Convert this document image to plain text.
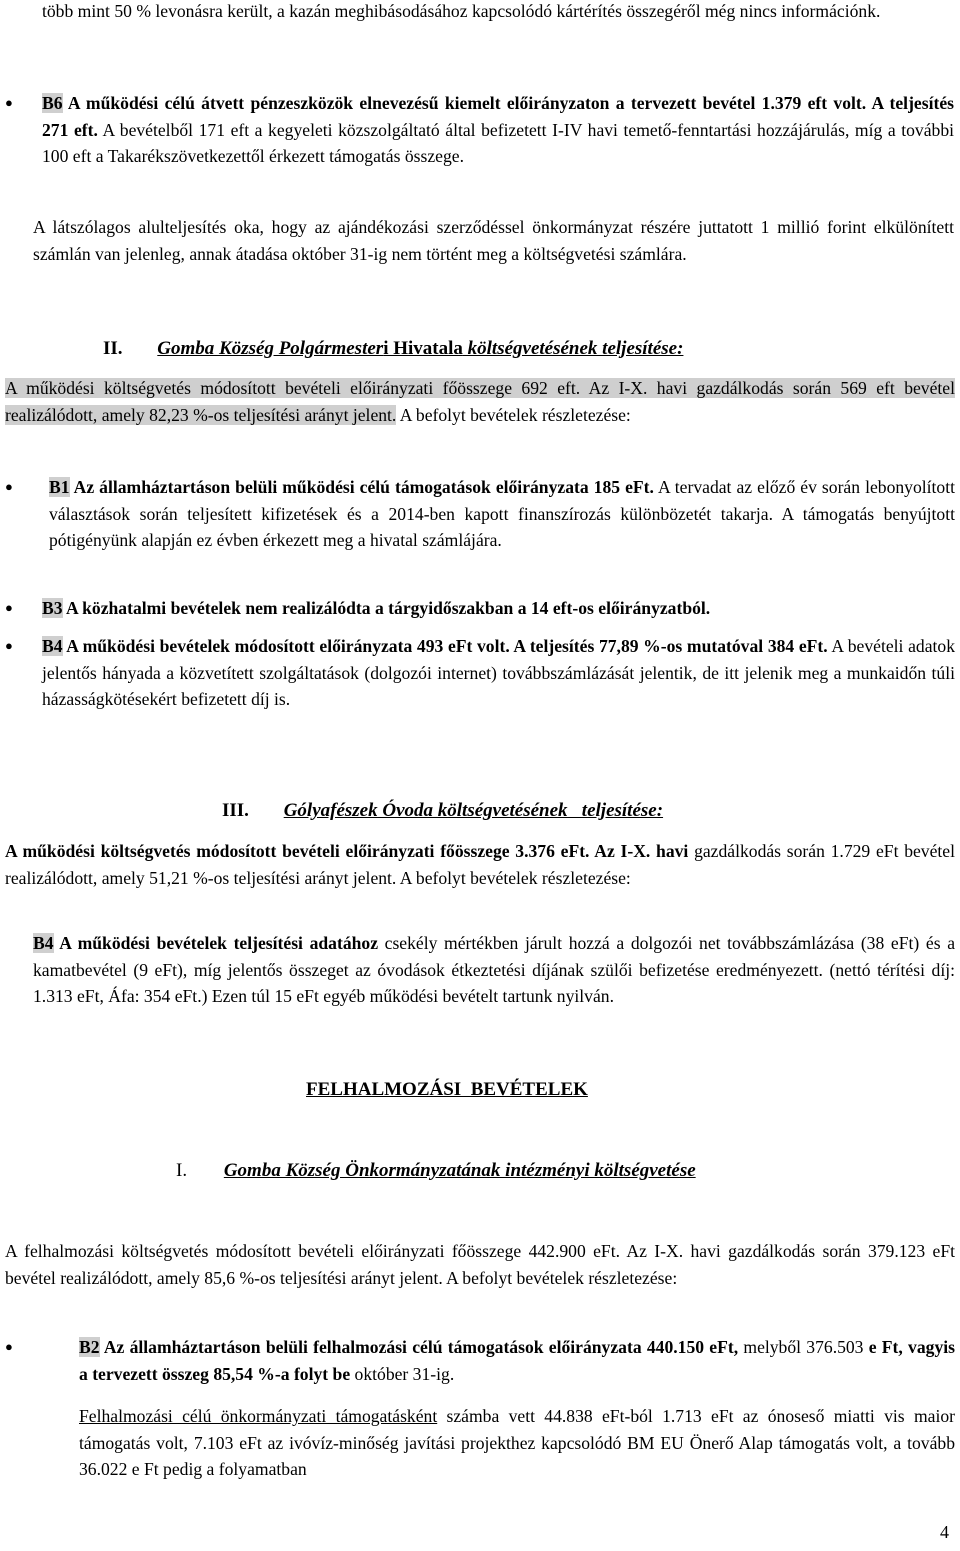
több mint 50 % levonásra került, a kazán meghibásodásához kapcsolódó kártérítés összegéről még nincs információnk.

● B6 A működési célú átvett pénzeszközök elnevezésű kiemelt előirányzaton a tervezett bevétel 1.379 eft volt. A teljesítés 271 eft. A bevételből 171 eft a kegyeleti közszolgáltató által befizetett I-IV havi temető-fenntartási hozzájárulás, míg a további 100 eft a Takarékszövetkezettől érkezett támogatás összege.

A látszólagos alulteljesítés oka, hogy az ajándékozási szerződéssel önkormányzat részére juttatott 1 millió forint elkülönített számlán van jelenleg, annak átadása október 31-ig nem történt meg a költségvetési számlára.

II. Gomba Község Polgármesteri Hivatala költségvetésének teljesítése:

A működési költségvetés módosított bevételi előirányzati főösszege 692 eft. Az I-X. havi gazdálkodás során 569 eft bevétel realizálódott, amely 82,23 %-os teljesítési arányt jelent. A befolyt bevételek részletezése:

● B1 Az államháztartáson belüli működési célú támogatások előirányzata 185 eFt. A tervadat az előző év során lebonyolított választások során teljesített kifizetések és a 2014-ben kapott finanszírozás különbözetét takarja. A támogatás benyújtott pótigényünk alapján ez évben érkezett meg a hivatal számlájára.

● B3 A közhatalmi bevételek nem realizálódta a tárgyidőszakban a 14 eft-os előirányzatból.

● B4 A működési bevételek módosított előirányzata 493 eFt volt. A teljesítés 77,89 %-os mutatóval 384 eFt. A bevételi adatok jelentős hányada a közvetített szolgáltatások (dolgozói internet) továbbszámlázását jelentik, de itt jelenik meg a munkaidőn túli házasságkötésekért befizetett díj is.

III. Gólyafészek Óvoda költségvetésének   teljesítése:

A működési költségvetés módosított bevételi előirányzati főösszege 3.376 eFt. Az I-X. havi gazdálkodás során 1.729 eFt bevétel realizálódott, amely 51,21 %-os teljesítési arányt jelent. A befolyt bevételek részletezése:

B4 A működési bevételek teljesítési adatához csekély mértékben járult hozzá a dolgozói net továbbszámlázása (38 eFt) és a kamatbevétel (9 eFt), míg jelentős összeget az óvodások étkeztetési díjának szülői befizetése eredményezett. (nettó térítési díj: 1.313 eFt, Áfa: 354 eFt.) Ezen túl 15 eFt egyéb működési bevételt tartunk nyilván.

FELHALMOZÁSI  BEVÉTELEK
I. Gomba Község Önkormányzatának intézményi költségvetése

A felhalmozási költségvetés módosított bevételi előirányzati főösszege 442.900 eFt. Az I-X. havi gazdálkodás során 379.123 eFt bevétel realizálódott, amely 85,6 %-os teljesítési arányt jelent. A befolyt bevételek részletezése:

●	B2 Az államháztartáson belüli felhalmozási célú támogatások előirányzata 440.150 eFt, melyből 376.503 e Ft, vagyis a tervezett összeg 85,54 %-a folyt be október 31-ig.

Felhalmozási célú önkormányzati támogatásként számba vett 44.838 eFt-ból 1.713 eFt az ónosеső miatti vis maior támogatás volt, 7.103 eFt az ivóvíz-minőség javítási projekthez kapcsolódó BM EU Önerő Alap támogatás volt, a tovább 36.022 e Ft pedig a folyamatban

4
